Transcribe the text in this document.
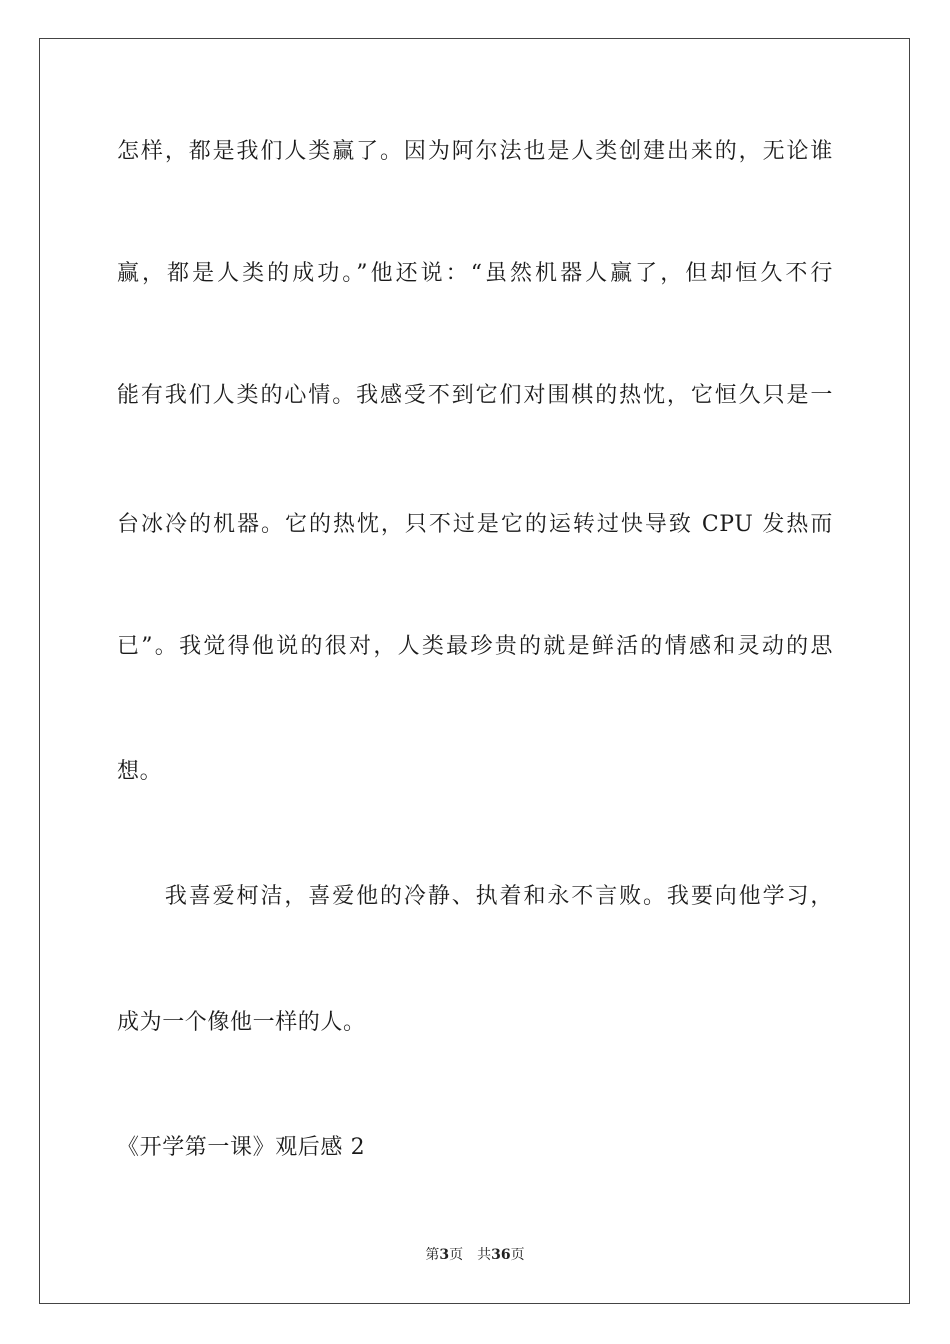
怎样，都是我们人类赢了。因为阿尔法也是人类创建出来的，无论谁
赢，都是人类的成功。”他还说：“虽然机器人赢了，但却恒久不行
能有我们人类的心情。我感受不到它们对围棋的热忱，它恒久只是一
台冰冷的机器。它的热忱，只不过是它的运转过快导致 CPU 发热而
已”。我觉得他说的很对，人类最珍贵的就是鲜活的情感和灵动的思
想。
　　我喜爱柯洁，喜爱他的冷静、执着和永不言败。我要向他学习，
成为一个像他一样的人。
《开学第一课》观后感 2
第3页 共36页
